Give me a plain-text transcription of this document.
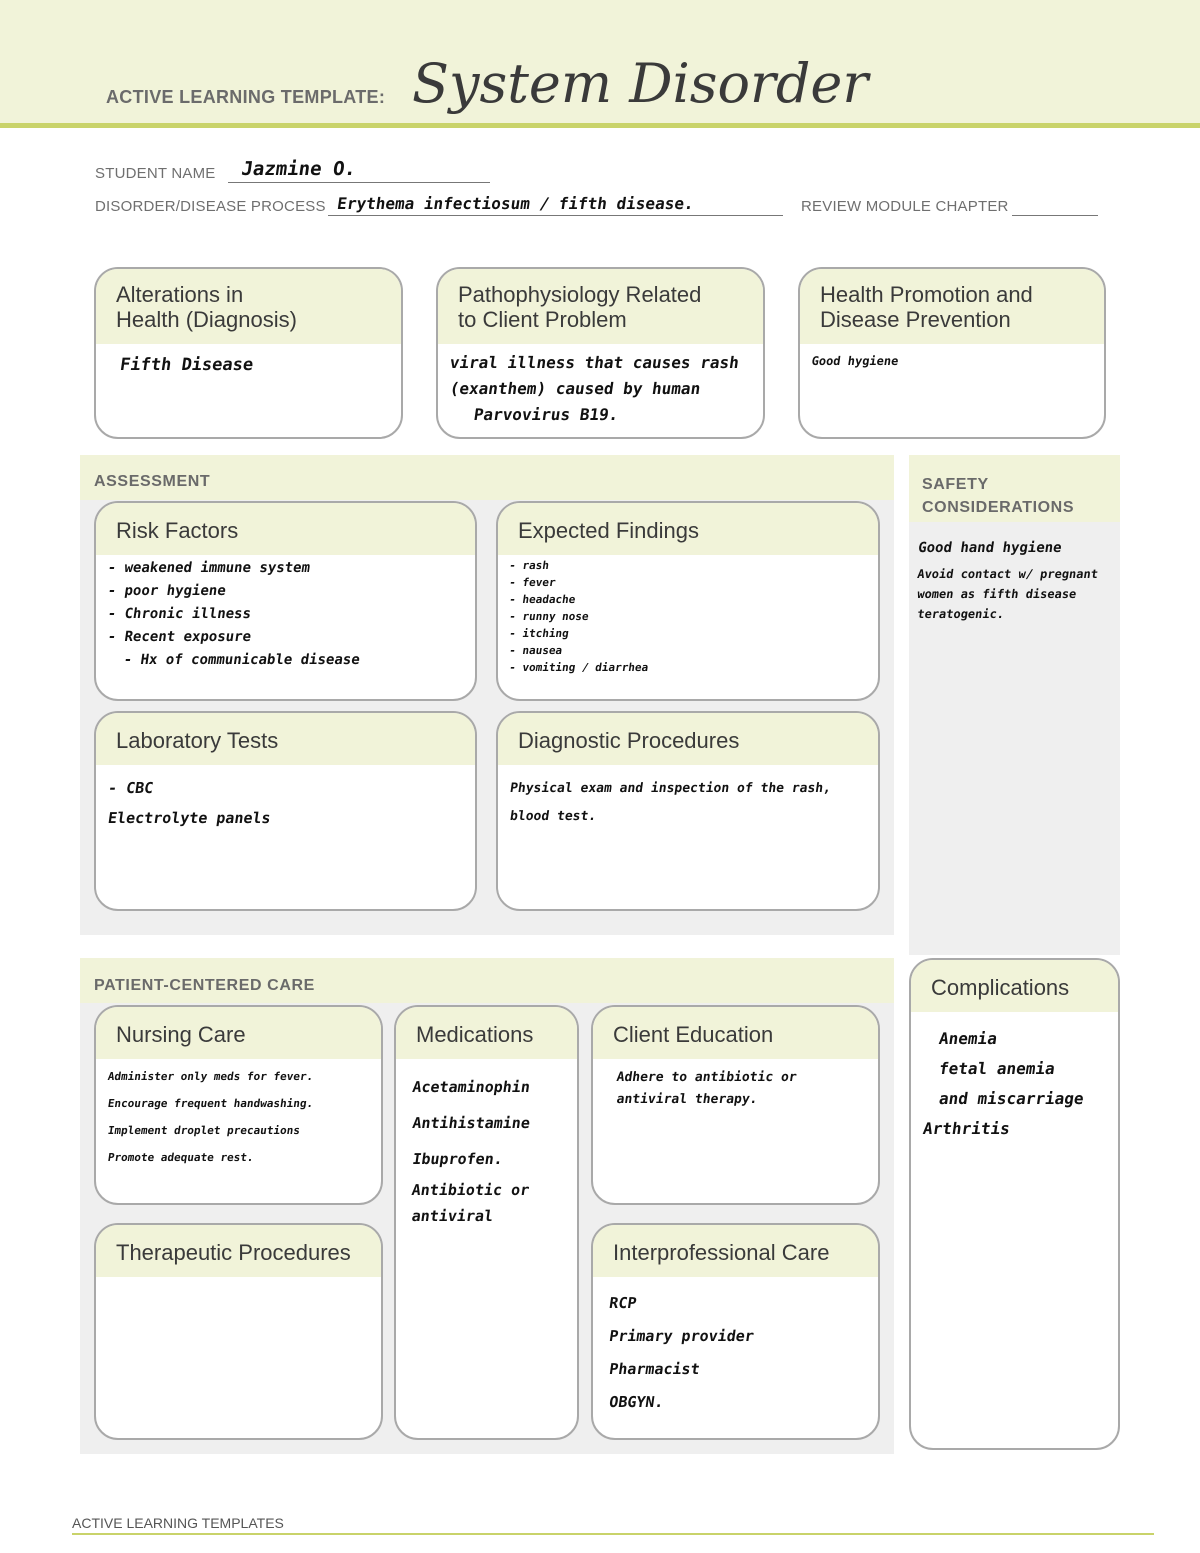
ACTIVE LEARNING TEMPLATE: System Disorder
STUDENT NAME Jazmine O.
DISORDER/DISEASE PROCESS Erythema infectiosum / fifth disease.	REVIEW MODULE CHAPTER
Alterations in
Health (Diagnosis)
Fifth Disease
Pathophysiology Related
to Client Problem
viral illness that causes rash
(exanthem) caused by human
Parvovirus B19.
Health Promotion and
Disease Prevention
Good hygiene
ASSESSMENT
Risk Factors
- weakened immune system
- poor hygiene
- Chronic illness
- Recent exposure
- Hx of communicable disease
Expected Findings
- rash
- fever
- headache
- runny nose
- itching
- nausea
- vomiting / diarrhea
Laboratory Tests
- CBC
Electrolyte panels
Diagnostic Procedures
Physical exam and inspection of the rash,
blood test.
SAFETY
CONSIDERATIONS
Good hand hygiene
Avoid contact w/ pregnant
women as fifth disease
teratogenic.
Complications
Anemia
fetal anemia
and miscarriage
Arthritis
PATIENT-CENTERED CARE
Nursing Care
Administer only meds for fever.
Encourage frequent handwashing.
Implement droplet precautions
Promote adequate rest.
Medications
Acetaminophin
Antihistamine
Ibuprofen.
Antibiotic or
antiviral
Client Education
Adhere to antibiotic or
antiviral therapy.
Therapeutic Procedures	Interprofessional Care
RCP
Primary provider
Pharmacist
OBGYN.
ACTIVE LEARNING TEMPLATES
